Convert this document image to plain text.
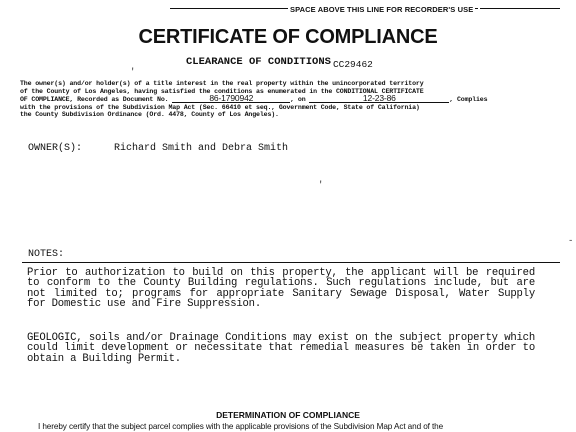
SPACE ABOVE THIS LINE FOR RECORDER'S USE
CERTIFICATE OF COMPLIANCE
CLEARANCE OF CONDITIONS CC29462
The owner(s) and/or holder(s) of a title interest in the real property within the unincorporated territory
of the County of Los Angeles, having satisfied the conditions as enumerated in the CONDITIONAL CERTIFICATE
OF COMPLIANCE, Recorded as Document No.	86-1790942	, on	12-23-86	, Complies
with the provisions of the Subdivision Map Act (Sec. 66410 et seq., Government Code, State of California)
the County Subdivision Ordinance (Ord. 4478, County of Los Angeles).
OWNER(S):	Richard Smith and Debra Smith
'
'
-
NOTES:
Prior to authorization to build on this property, the applicant will be required to conform to the County Building regulations. Such regulations include, but are not limited to; programs for appropriate Sanitary Sewage Disposal, Water Supply for Domestic use and Fire Suppression.
GEOLOGIC, soils and/or Drainage Conditions may exist on the subject property which could limit development or necessitate that remedial measures be taken in order to obtain a Building Permit.
DETERMINATION OF COMPLIANCE
I hereby certify that the subject parcel complies with the applicable provisions of the Subdivision Map Act and of the
